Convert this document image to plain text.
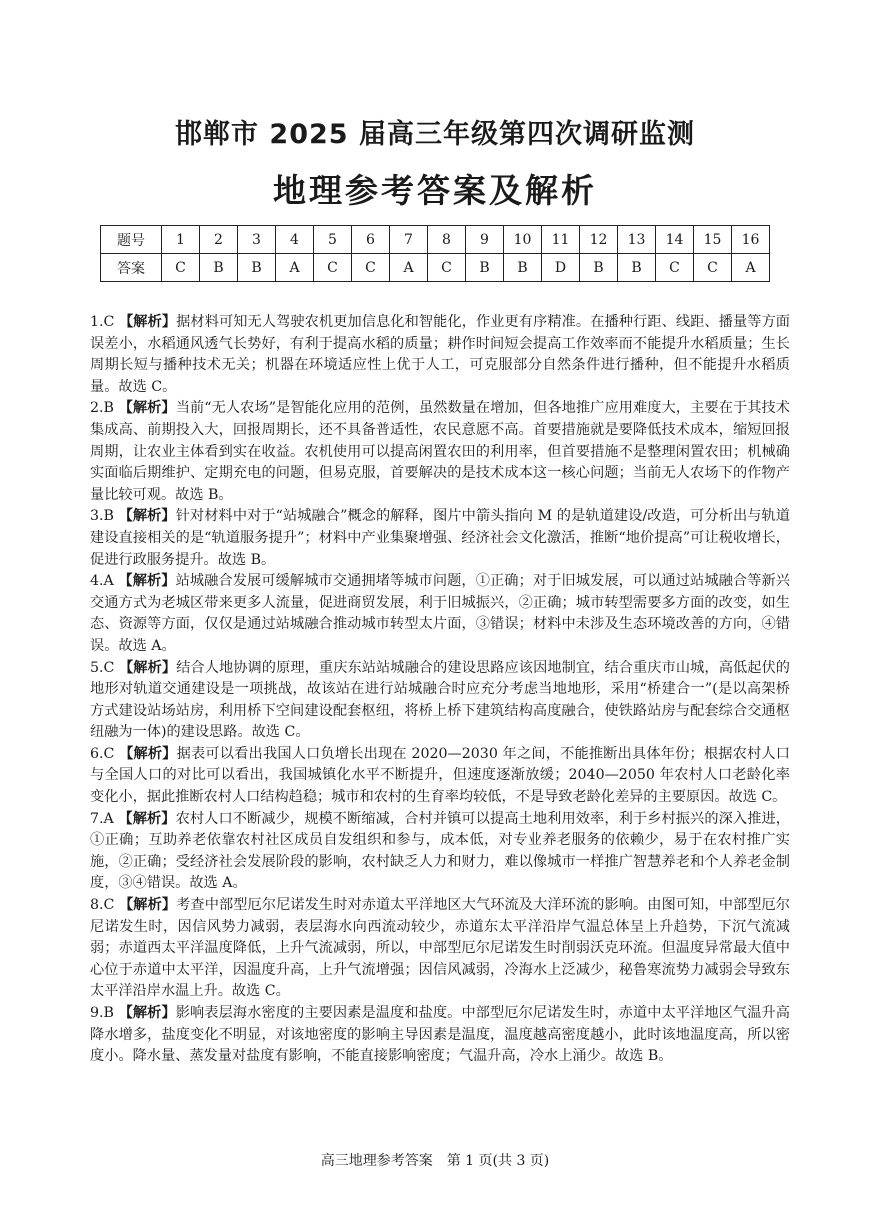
邯郸市 2025 届高三年级第四次调研监测
地理参考答案及解析
题号	1	2	3	4	5	6	7	8	9	10	11	12	13	14	15	16
答案	C	B	B	A	C	C	A	C	B	B	D	B	B	C	C	A

1.C 【解析】据材料可知无人驾驶农机更加信息化和智能化，作业更有序精准。在播种行距、线距、播量等方面误差小，水稻通风透气长势好，有利于提高水稻的质量；耕作时间短会提高工作效率而不能提升水稻质量；生长周期长短与播种技术无关；机器在环境适应性上优于人工，可克服部分自然条件进行播种，但不能提升水稻质量。故选 C。

2.B 【解析】当前“无人农场”是智能化应用的范例，虽然数量在增加，但各地推广应用难度大，主要在于其技术集成高、前期投入大，回报周期长，还不具备普适性，农民意愿不高。首要措施就是要降低技术成本，缩短回报周期，让农业主体看到实在收益。农机使用可以提高闲置农田的利用率，但首要措施不是整理闲置农田；机械确实面临后期维护、定期充电的问题，但易克服，首要解决的是技术成本这一核心问题；当前无人农场下的作物产量比较可观。故选 B。

3.B 【解析】针对材料中对于“站城融合”概念的解释，图片中箭头指向 M 的是轨道建设/改造，可分析出与轨道建设直接相关的是“轨道服务提升”；材料中产业集聚增强、经济社会文化激活，推断“地价提高”可让税收增长，促进行政服务提升。故选 B。

4.A 【解析】站城融合发展可缓解城市交通拥堵等城市问题，①正确；对于旧城发展，可以通过站城融合等新兴交通方式为老城区带来更多人流量，促进商贸发展，利于旧城振兴，②正确；城市转型需要多方面的改变，如生态、资源等方面，仅仅是通过站城融合推动城市转型太片面，③错误；材料中未涉及生态环境改善的方向，④错误。故选 A。

5.C 【解析】结合人地协调的原理，重庆东站站城融合的建设思路应该因地制宜，结合重庆市山城，高低起伏的地形对轨道交通建设是一项挑战，故该站在进行站城融合时应充分考虑当地地形，采用“桥建合一”(是以高架桥方式建设站场站房，利用桥下空间建设配套枢纽，将桥上桥下建筑结构高度融合，使铁路站房与配套综合交通枢纽融为一体)的建设思路。故选 C。

6.C 【解析】据表可以看出我国人口负增长出现在 2020—2030 年之间，不能推断出具体年份；根据农村人口与全国人口的对比可以看出，我国城镇化水平不断提升，但速度逐渐放缓；2040—2050 年农村人口老龄化率变化小，据此推断农村人口结构趋稳；城市和农村的生育率均较低，不是导致老龄化差异的主要原因。故选 C。

7.A 【解析】农村人口不断减少，规模不断缩减，合村并镇可以提高土地利用效率，利于乡村振兴的深入推进，①正确；互助养老依靠农村社区成员自发组织和参与，成本低，对专业养老服务的依赖少，易于在农村推广实施，②正确；受经济社会发展阶段的影响，农村缺乏人力和财力，难以像城市一样推广智慧养老和个人养老金制度，③④错误。故选 A。

8.C 【解析】考查中部型厄尔尼诺发生时对赤道太平洋地区大气环流及大洋环流的影响。由图可知，中部型厄尔尼诺发生时，因信风势力减弱，表层海水向西流动较少，赤道东太平洋沿岸气温总体呈上升趋势，下沉气流减弱；赤道西太平洋温度降低，上升气流减弱，所以，中部型厄尔尼诺发生时削弱沃克环流。但温度异常最大值中心位于赤道中太平洋，因温度升高，上升气流增强；因信风减弱，冷海水上泛减少，秘鲁寒流势力减弱会导致东太平洋沿岸水温上升。故选 C。

9.B 【解析】影响表层海水密度的主要因素是温度和盐度。中部型厄尔尼诺发生时，赤道中太平洋地区气温升高降水增多，盐度变化不明显，对该地密度的影响主导因素是温度，温度越高密度越小，此时该地温度高，所以密度小。降水量、蒸发量对盐度有影响，不能直接影响密度；气温升高，冷水上涌少。故选 B。

高三地理参考答案　第 1 页(共 3 页)
